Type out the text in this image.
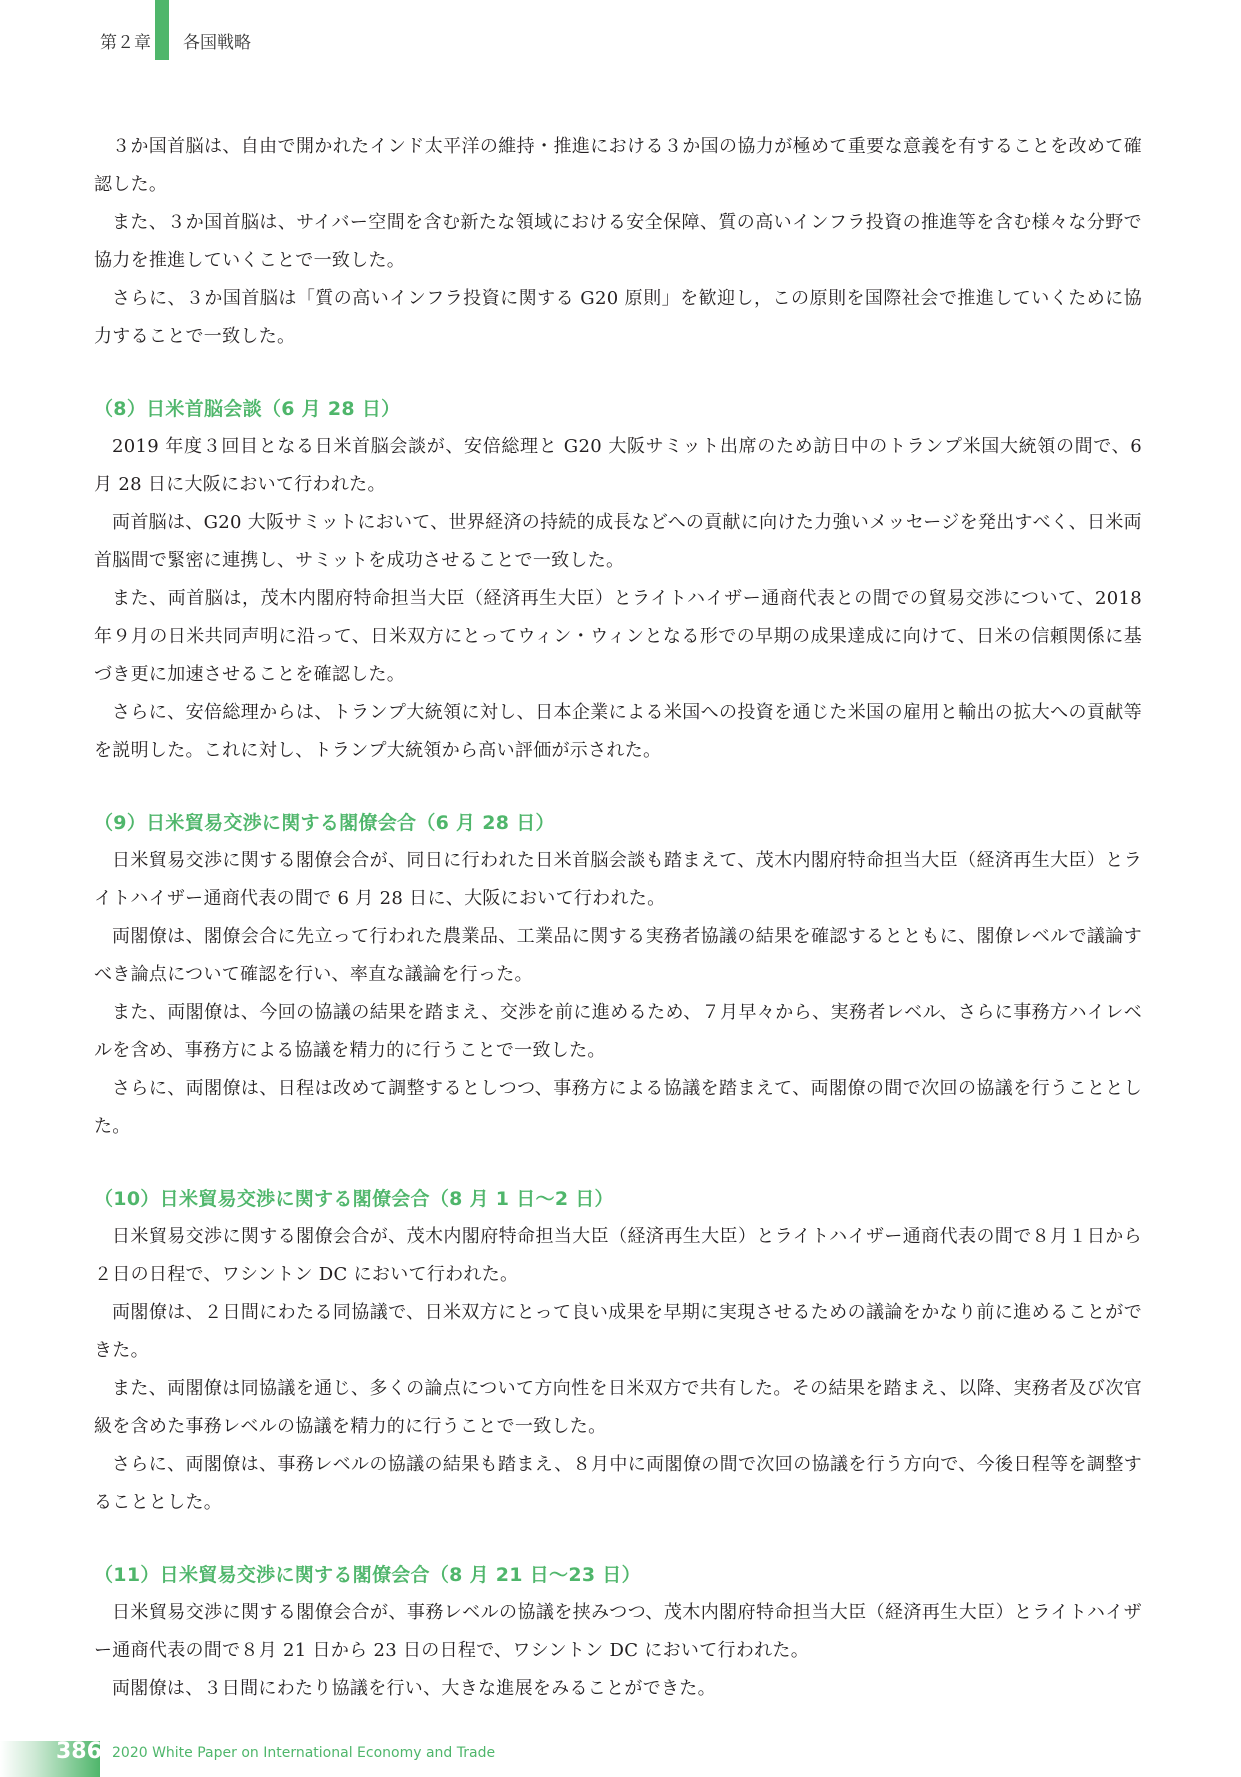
第２章 各国戦略

３か国首脳は、自由で開かれたインド太平洋の維持・推進における３か国の協力が極めて重要な意義を有することを改めて確認した。

また、３か国首脳は、サイバー空間を含む新たな領域における安全保障、質の高いインフラ投資の推進等を含む様々な分野で協力を推進していくことで一致した。

さらに、３か国首脳は「質の高いインフラ投資に関する G20 原則」を歓迎し，この原則を国際社会で推進していくために協力することで一致した。

（8）日米首脳会談（6 月 28 日）

2019 年度３回目となる日米首脳会談が、安倍総理と G20 大阪サミット出席のため訪日中のトランプ米国大統領の間で、6 月 28 日に大阪において行われた。

両首脳は、G20 大阪サミットにおいて、世界経済の持続的成長などへの貢献に向けた力強いメッセージを発出すべく、日米両首脳間で緊密に連携し、サミットを成功させることで一致した。

また、両首脳は，茂木内閣府特命担当大臣（経済再生大臣）とライトハイザー通商代表との間での貿易交渉について、2018 年９月の日米共同声明に沿って、日米双方にとってウィン・ウィンとなる形での早期の成果達成に向けて、日米の信頼関係に基づき更に加速させることを確認した。

さらに、安倍総理からは、トランプ大統領に対し、日本企業による米国への投資を通じた米国の雇用と輸出の拡大への貢献等を説明した。これに対し、トランプ大統領から高い評価が示された。

（9）日米貿易交渉に関する閣僚会合（6 月 28 日）

日米貿易交渉に関する閣僚会合が、同日に行われた日米首脳会談も踏まえて、茂木内閣府特命担当大臣（経済再生大臣）とライトハイザー通商代表の間で 6 月 28 日に、大阪において行われた。

両閣僚は、閣僚会合に先立って行われた農業品、工業品に関する実務者協議の結果を確認するとともに、閣僚レベルで議論すべき論点について確認を行い、率直な議論を行った。

また、両閣僚は、今回の協議の結果を踏まえ、交渉を前に進めるため、７月早々から、実務者レベル、さらに事務方ハイレベルを含め、事務方による協議を精力的に行うことで一致した。

さらに、両閣僚は、日程は改めて調整するとしつつ、事務方による協議を踏まえて、両閣僚の間で次回の協議を行うこととした。

（10）日米貿易交渉に関する閣僚会合（8 月 1 日～2 日）

日米貿易交渉に関する閣僚会合が、茂木内閣府特命担当大臣（経済再生大臣）とライトハイザー通商代表の間で８月１日から２日の日程で、ワシントン DC において行われた。

両閣僚は、２日間にわたる同協議で、日米双方にとって良い成果を早期に実現させるための議論をかなり前に進めることができた。

また、両閣僚は同協議を通じ、多くの論点について方向性を日米双方で共有した。その結果を踏まえ、以降、実務者及び次官級を含めた事務レベルの協議を精力的に行うことで一致した。

さらに、両閣僚は、事務レベルの協議の結果も踏まえ、８月中に両閣僚の間で次回の協議を行う方向で、今後日程等を調整することとした。

（11）日米貿易交渉に関する閣僚会合（8 月 21 日～23 日）

日米貿易交渉に関する閣僚会合が、事務レベルの協議を挟みつつ、茂木内閣府特命担当大臣（経済再生大臣）とライトハイザー通商代表の間で８月 21 日から 23 日の日程で、ワシントン DC において行われた。

両閣僚は、３日間にわたり協議を行い、大きな進展をみることができた。

386 2020 White Paper on International Economy and Trade
